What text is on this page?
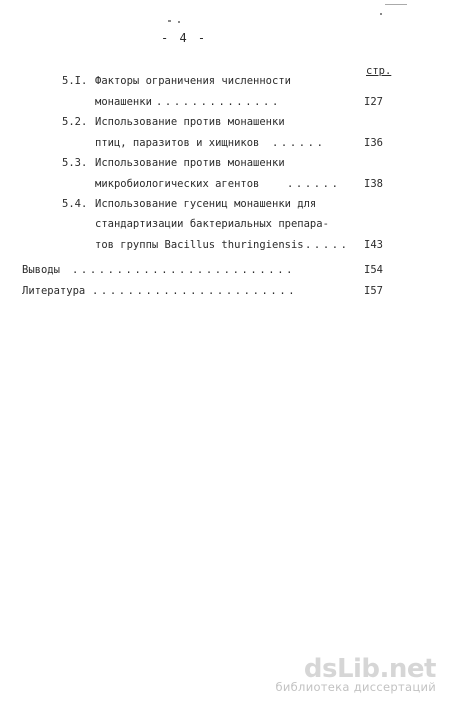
- 4 -
стр.
5.I. Факторы ограничения численности
монашенки ..............	I27
5.2. Использование против монашенки
птиц, паразитов и хищников ......	I36
5.3. Использование против монашенки
микробиологических агентов	...... I38
5.4. Использование гусениц монашенки для
стандартизации бактериальных препара-
тов группы Bacillus thuringiensis ..... I43
Выводы .........................	I54
Литература .......................	I57
dsLib.net
библиотека диссертаций
